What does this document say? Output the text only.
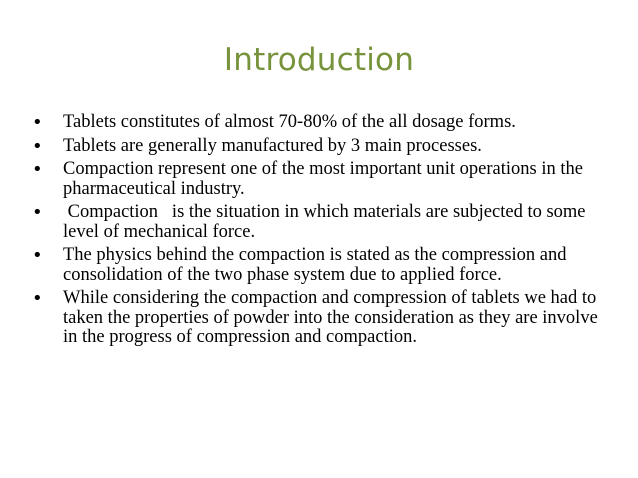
Introduction
•	Tablets constitutes of almost 70-80% of the all dosage forms.
•	Tablets are generally manufactured by 3 main processes.
•	Compaction represent one of the most important unit operations in the pharmaceutical industry.
•	Compaction   is the situation in which materials are subjected to some level of mechanical force.
•	The physics behind the compaction is stated as the compression and consolidation of the two phase system due to applied force.
•	While considering the compaction and compression of tablets we had to taken the properties of powder into the consideration as they are involve in the progress of compression and compaction.
